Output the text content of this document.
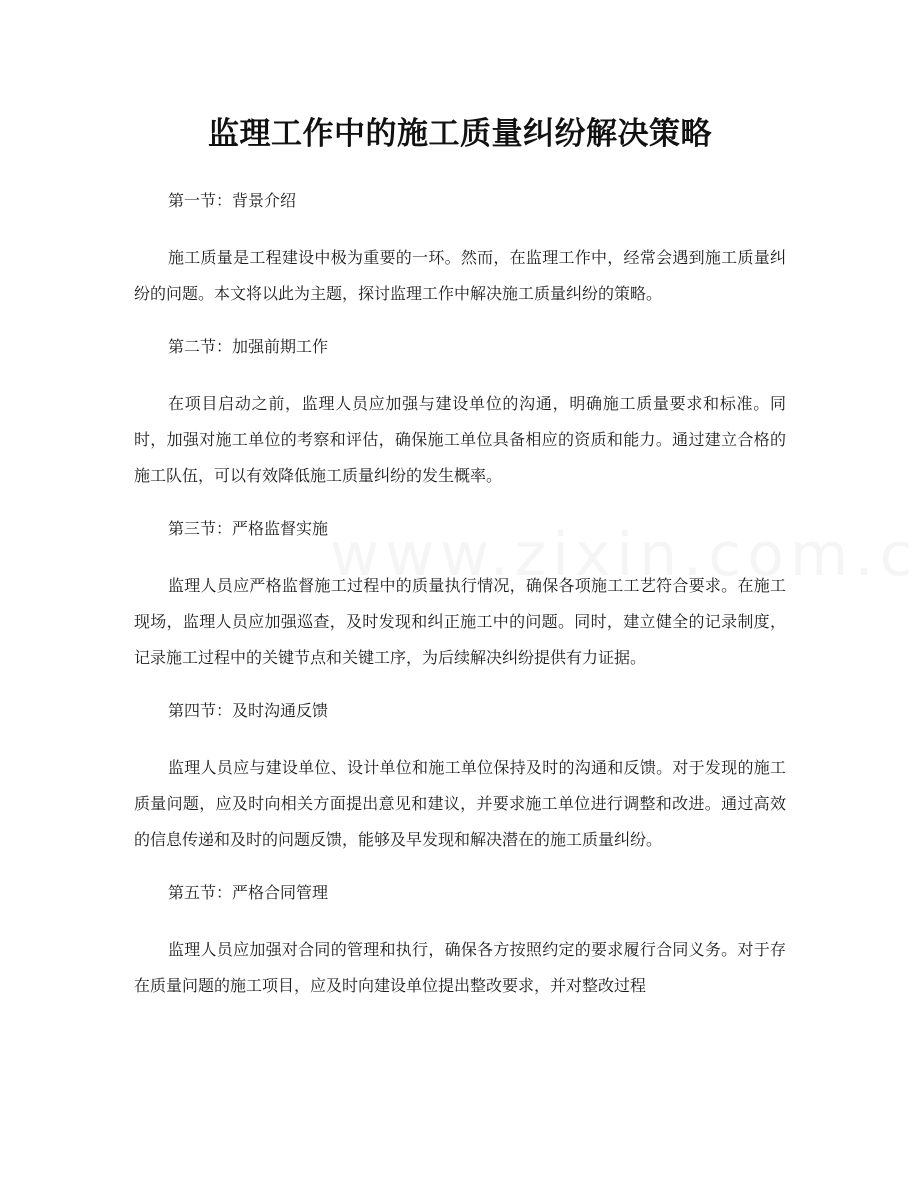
监理工作中的施工质量纠纷解决策略
第一节：背景介绍

施工质量是工程建设中极为重要的一环。然而，在监理工作中，经常会遇到施工质量纠纷的问题。本文将以此为主题，探讨监理工作中解决施工质量纠纷的策略。

第二节：加强前期工作

在项目启动之前，监理人员应加强与建设单位的沟通，明确施工质量要求和标准。同时，加强对施工单位的考察和评估，确保施工单位具备相应的资质和能力。通过建立合格的施工队伍，可以有效降低施工质量纠纷的发生概率。

第三节：严格监督实施

监理人员应严格监督施工过程中的质量执行情况，确保各项施工工艺符合要求。在施工现场，监理人员应加强巡查，及时发现和纠正施工中的问题。同时，建立健全的记录制度，记录施工过程中的关键节点和关键工序，为后续解决纠纷提供有力证据。

第四节：及时沟通反馈

监理人员应与建设单位、设计单位和施工单位保持及时的沟通和反馈。对于发现的施工质量问题，应及时向相关方面提出意见和建议，并要求施工单位进行调整和改进。通过高效的信息传递和及时的问题反馈，能够及早发现和解决潜在的施工质量纠纷。

第五节：严格合同管理

监理人员应加强对合同的管理和执行，确保各方按照约定的要求履行合同义务。对于存在质量问题的施工项目，应及时向建设单位提出整改要求，并对整改过程
